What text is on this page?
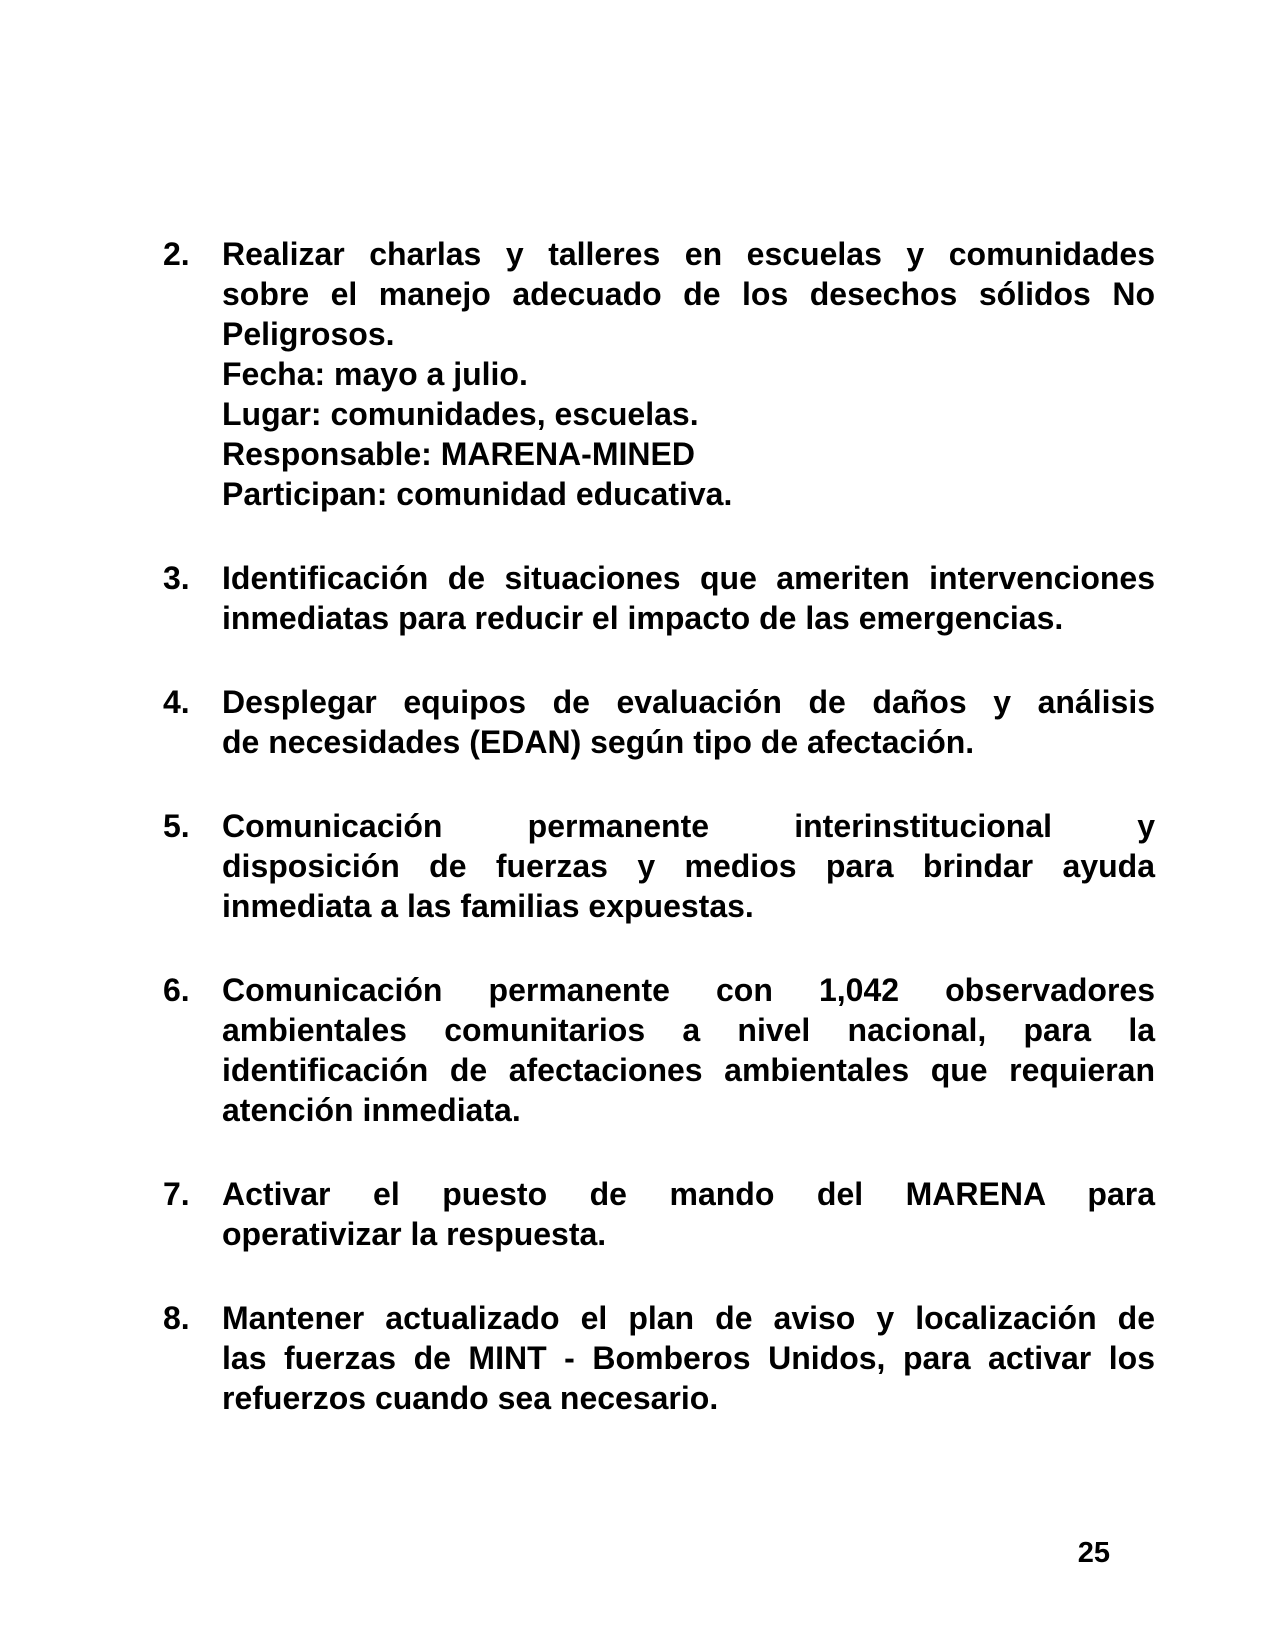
2.	Realizar charlas y talleres en escuelas y comunidades
sobre el manejo adecuado de los desechos sólidos No
Peligrosos.
Fecha: mayo a julio.
Lugar: comunidades, escuelas.
Responsable: MARENA-MINED
Participan: comunidad educativa.
3.	Identificación de situaciones que ameriten intervenciones
inmediatas para reducir el impacto de las emergencias.
4.	Desplegar equipos de evaluación de daños y análisis
de necesidades (EDAN) según tipo de afectación.
5.	Comunicación permanente interinstitucional y
disposición de fuerzas y medios para brindar ayuda
inmediata a las familias expuestas.
6.	Comunicación permanente con 1,042 observadores
ambientales comunitarios a nivel nacional, para la
identificación de afectaciones ambientales que requieran
atención inmediata.
7.	Activar el puesto de mando del MARENA para
operativizar la respuesta.
8.	Mantener actualizado el plan de aviso y localización de
las fuerzas de MINT - Bomberos Unidos, para activar los
refuerzos cuando sea necesario.
25
